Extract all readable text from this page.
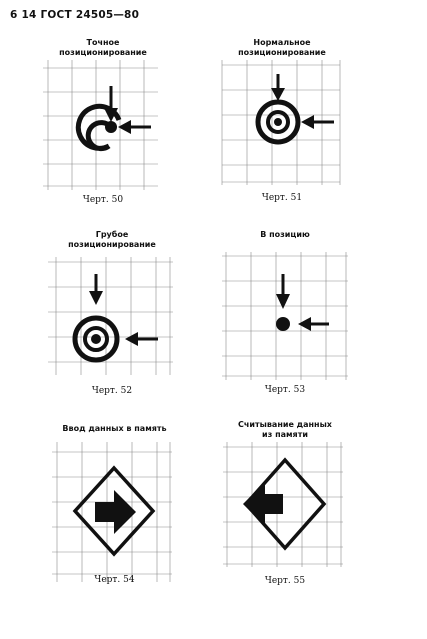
6 14 ГОСТ 24505—80
Точное
позиционирование
Черт. 50
Нормальное
позиционирование
Черт. 51
Грубое
позиционирование
Черт. 52
В позицию
Черт. 53
Ввод данных в память
Черт. 54
Считывание данных
из памяти
Черт. 55
